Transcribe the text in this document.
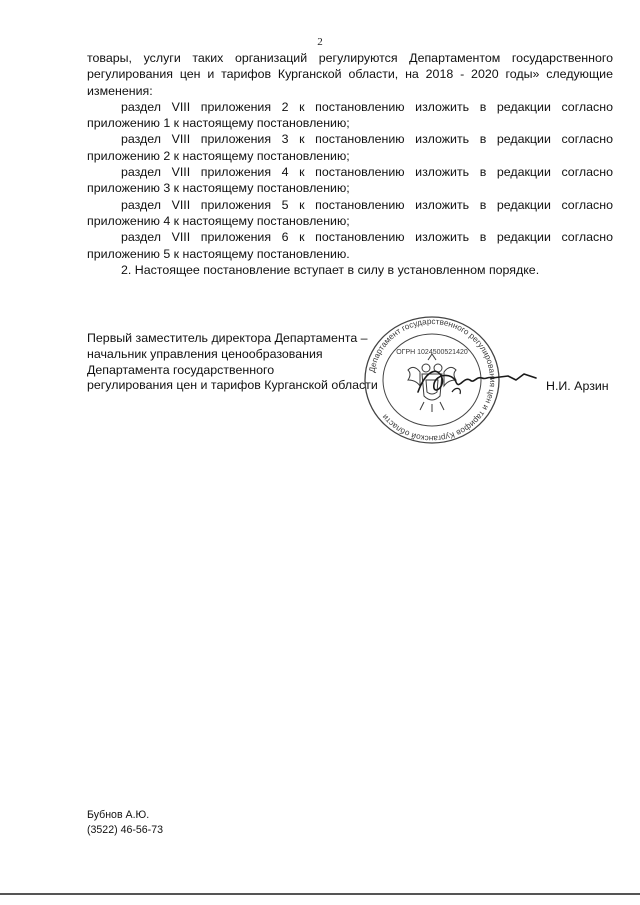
2

товары, услуги таких организаций регулируются Департаментом государственного регулирования цен и тарифов Курганской области, на 2018 - 2020 годы» следующие изменения:

раздел VIII приложения 2 к постановлению изложить в редакции согласно приложению 1 к настоящему постановлению;

раздел VIII приложения 3 к постановлению изложить в редакции согласно приложению 2 к настоящему постановлению;

раздел VIII приложения 4 к постановлению изложить в редакции согласно приложению 3 к настоящему постановлению;

раздел VIII приложения 5 к постановлению изложить в редакции согласно приложению 4 к настоящему постановлению;

раздел VIII приложения 6 к постановлению изложить в редакции согласно приложению 5 к настоящему постановлению.

2. Настоящее постановление вступает в силу в установленном порядке.

Первый заместитель директора Департамента –
начальник управления ценообразования
Департамента государственного
регулирования цен и тарифов Курганской области
Департамент государственного регулирования цен и тарифов Курганской области
ОГРН 1024500521420
Н.И. Арзин
Бубнов А.Ю.
(3522) 46-56-73
